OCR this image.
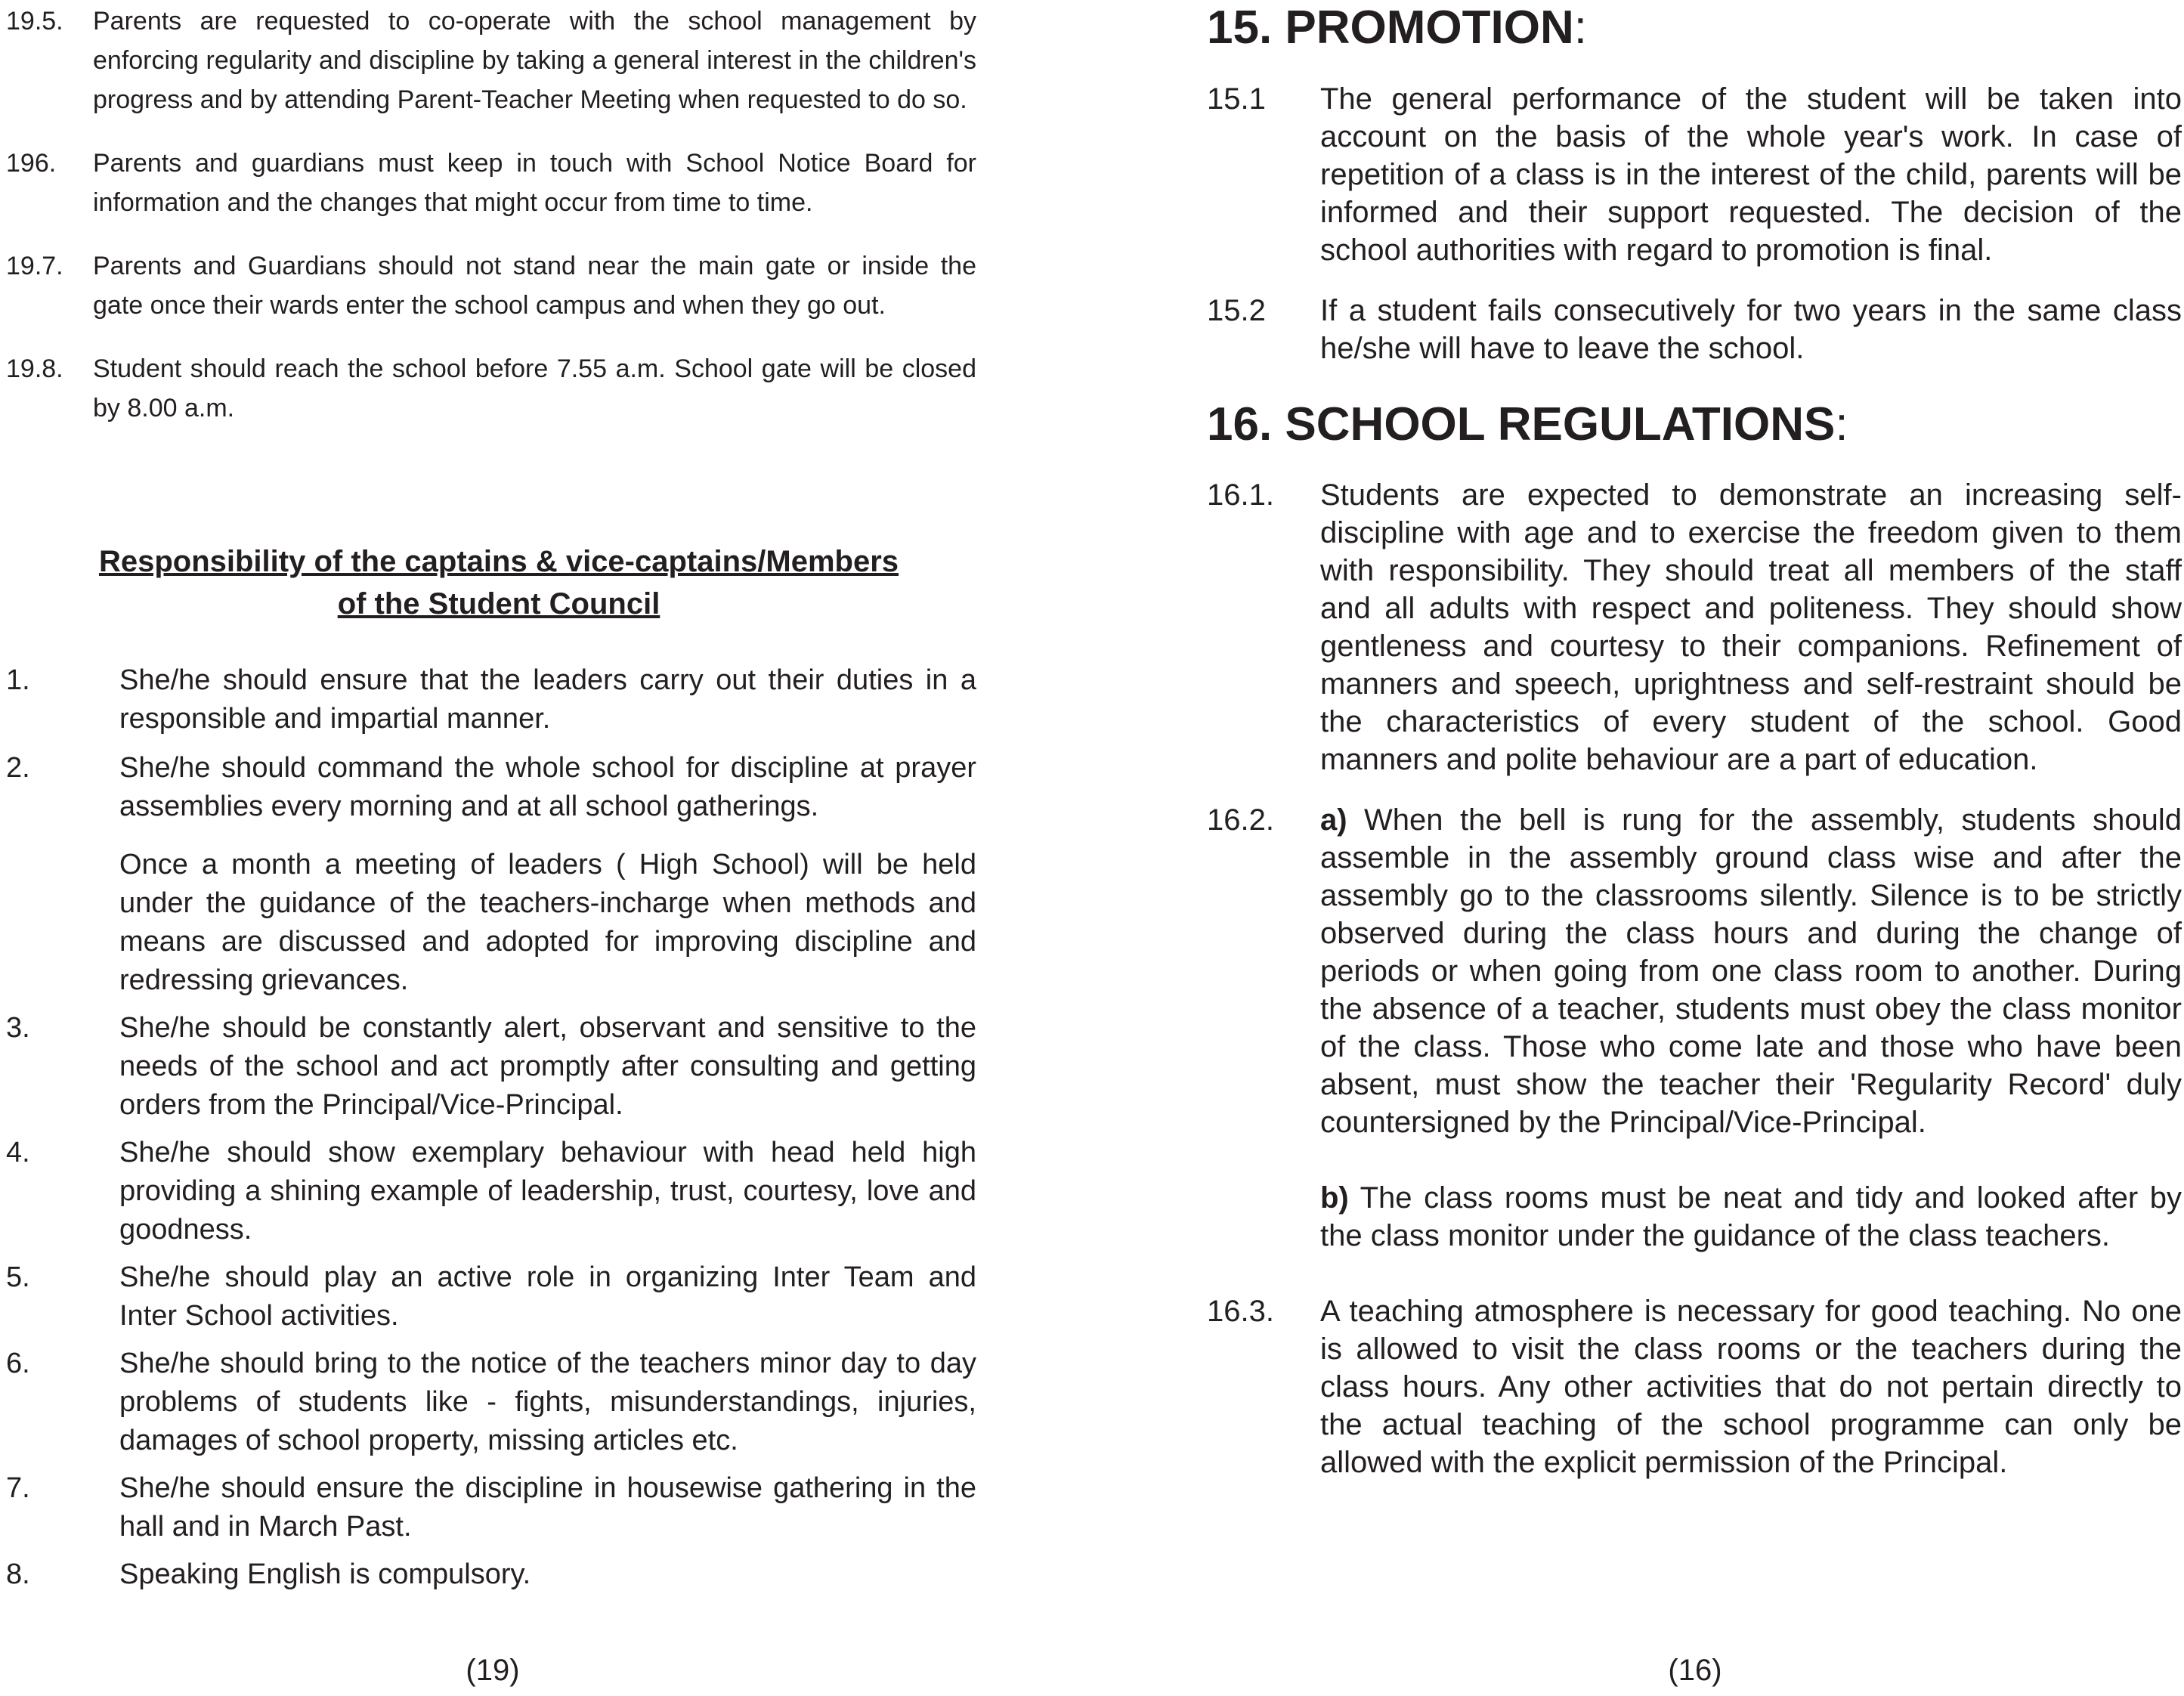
19.5. Parents are requested to co-operate with the school management by enforcing regularity and discipline by taking a general interest in the children's progress and by attending Parent-Teacher Meeting when requested to do so.
196. Parents and guardians must keep in touch with School Notice Board for information and the changes that might occur from time to time.
19.7. Parents and Guardians should not stand near the main gate or inside the gate once their wards enter the school campus and when they go out.
19.8. Student should reach the school before 7.55 a.m. School gate will be closed by 8.00 a.m.
Responsibility of the captains & vice-captains/Members
of the Student Council
1.	She/he should ensure that the leaders carry out their duties in a responsible and impartial manner.
2.	She/he should command the whole school for discipline at prayer assemblies every morning and at all school gatherings.
Once a month a meeting of leaders ( High School) will be held under the guidance of the teachers-incharge when methods and means are discussed and adopted for improving discipline and redressing grievances.
3.	She/he should be constantly alert, observant and sensitive to the needs of the school and act promptly after consulting and getting orders from the Principal/Vice-Principal.
4.	She/he should show exemplary behaviour with head held high providing a shining example of leadership, trust, courtesy, love and goodness.
5.	She/he should play an active role in organizing Inter Team and Inter School activities.
6.	She/he should bring to the notice of the teachers minor day to day problems of students like - fights, misunderstandings, injuries, damages of school property, missing articles etc.
7.	She/he should ensure the discipline in housewise gathering in the hall and in March Past.
8.	Speaking English is compulsory.
(19)
15. PROMOTION:
15.1 The general performance of the student will be taken into account on the basis of the whole year's work. In case of repetition of a class is in the interest of the child, parents will be informed and their support requested. The decision of the school authorities with regard to promotion is final.
15.2 If a student fails consecutively for two years in the same class he/she will have to leave the school.
16. SCHOOL REGULATIONS:
16.1. Students are expected to demonstrate an increasing self-discipline with age and to exercise the freedom given to them with responsibility. They should treat all members of the staff and all adults with respect and politeness. They should show gentleness and courtesy to their companions. Refinement of manners and speech, uprightness and self-restraint should be the characteristics of every student of the school. Good manners and polite behaviour are a part of education.
16.2. a) When the bell is rung for the assembly, students should assemble in the assembly ground class wise and after the assembly go to the classrooms silently. Silence is to be strictly observed during the class hours and during the change of periods or when going from one class room to another. During the absence of a teacher, students must obey the class monitor of the class. Those who come late and those who have been absent, must show the teacher their 'Regularity Record' duly countersigned by the Principal/Vice-Principal.
b) The class rooms must be neat and tidy and looked after by the class monitor under the guidance of the class teachers.
16.3. A teaching atmosphere is necessary for good teaching. No one is allowed to visit the class rooms or the teachers during the class hours. Any other activities that do not pertain directly to the actual teaching of the school programme can only be allowed with the explicit permission of the Principal.
(16)
